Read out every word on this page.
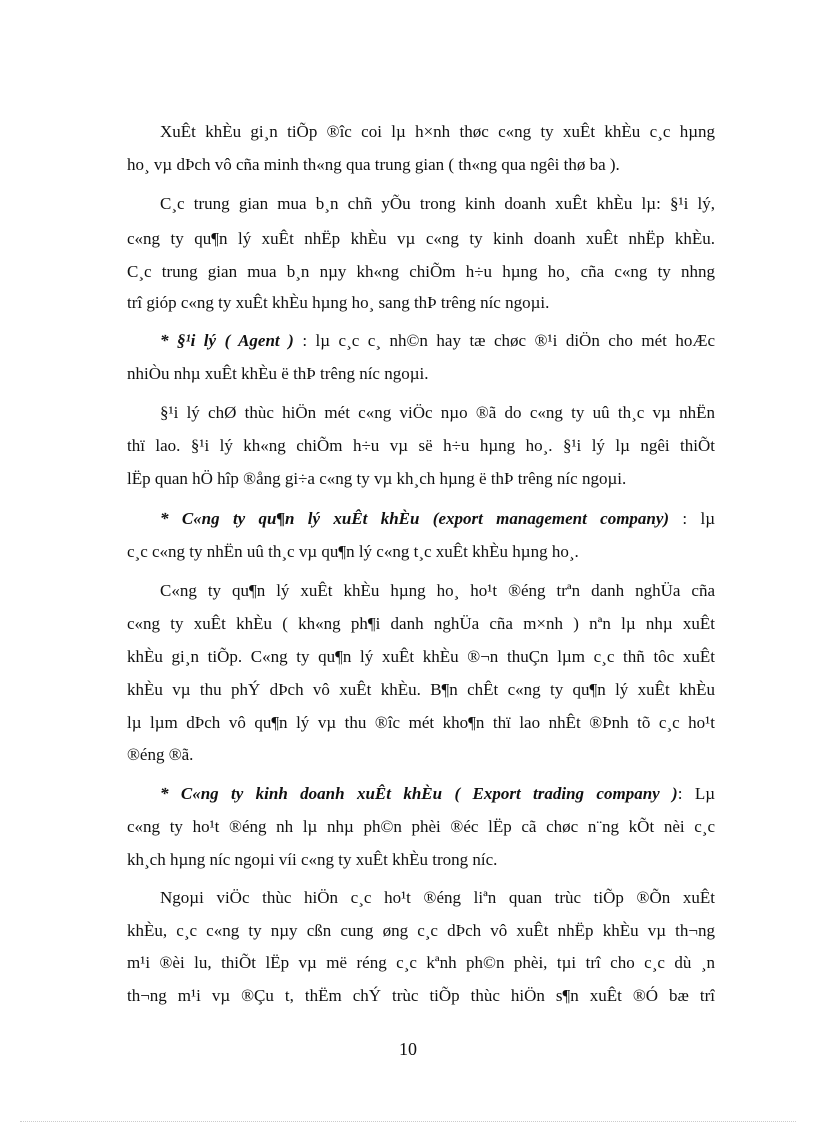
XuÊt khÈu gi¸n tiÕp ®îc coi lµ h×nh thøc c«ng ty xuÊt khÈu c¸c hµng
ho¸ vµ dÞch vô cña minh th«ng qua trung gian ( th«ng qua ngêi thø ba ).
C¸c trung gian mua b¸n chñ yÕu trong kinh doanh xuÊt khÈu lµ: §¹i lý,
c«ng ty qu¶n lý xuÊt nhËp khÈu vµ c«ng ty kinh doanh xuÊt nhËp khÈu.
C¸c trung gian mua b¸n nµy kh«ng chiÕm h÷u hµng ho¸ cña c«ng ty nhng
trî gióp c«ng ty xuÊt khÈu hµng ho¸ sang thÞ trêng níc ngoµi.
* §¹i lý ( Agent ) : lµ c¸c c¸ nh©n hay tæ chøc ®¹i diÖn cho mét hoÆc
nhiÒu nhµ xuÊt khÈu ë thÞ trêng níc ngoµi.
§¹i lý chØ thùc hiÖn mét c«ng viÖc nµo ®ã do c«ng ty uû th¸c vµ nhËn
thï lao. §¹i lý kh«ng chiÕm h÷u vµ së h÷u hµng ho¸. §¹i lý lµ ngêi thiÕt
lËp quan hÖ hîp ®ång gi÷a c«ng ty vµ kh¸ch hµng ë thÞ trêng níc ngoµi.
* C«ng ty qu¶n lý xuÊt khÈu (export management company) : lµ
c¸c c«ng ty nhËn uû th¸c vµ qu¶n lý c«ng t¸c xuÊt khÈu hµng ho¸.
C«ng ty qu¶n lý xuÊt khÈu hµng ho¸ ho¹t ®éng trªn danh nghÜa cña
c«ng ty xuÊt khÈu ( kh«ng ph¶i danh nghÜa cña m×nh ) nªn lµ nhµ xuÊt
khÈu gi¸n tiÕp. C«ng ty qu¶n lý xuÊt khÈu ®¬n thuÇn lµm c¸c thñ tôc xuÊt
khÈu vµ thu phÝ dÞch vô xuÊt khÈu. B¶n chÊt c«ng ty qu¶n lý xuÊt khÈu
lµ lµm dÞch vô qu¶n lý vµ thu ®îc mét kho¶n thï lao nhÊt ®Þnh tõ c¸c ho¹t
®éng ®ã.
* C«ng ty kinh doanh xuÊt khÈu ( Export trading company ): Lµ
c«ng ty ho¹t ®éng nh lµ nhµ ph©n phèi ®éc lËp cã chøc n¨ng kÕt nèi c¸c
kh¸ch hµng níc ngoµi víi c«ng ty xuÊt khÈu trong níc.
Ngoµi viÖc thùc hiÖn c¸c ho¹t ®éng liªn quan trùc tiÕp ®Õn xuÊt
khÈu, c¸c c«ng ty nµy cßn cung øng c¸c dÞch vô xuÊt nhËp khÈu vµ th¬ng
m¹i ®èi lu, thiÕt lËp vµ më réng c¸c kªnh ph©n phèi, tµi trî cho c¸c dù ¸n
th¬ng m¹i vµ ®Çu t, thËm chÝ trùc tiÕp thùc hiÖn s¶n xuÊt ®Ó bæ trî
10
